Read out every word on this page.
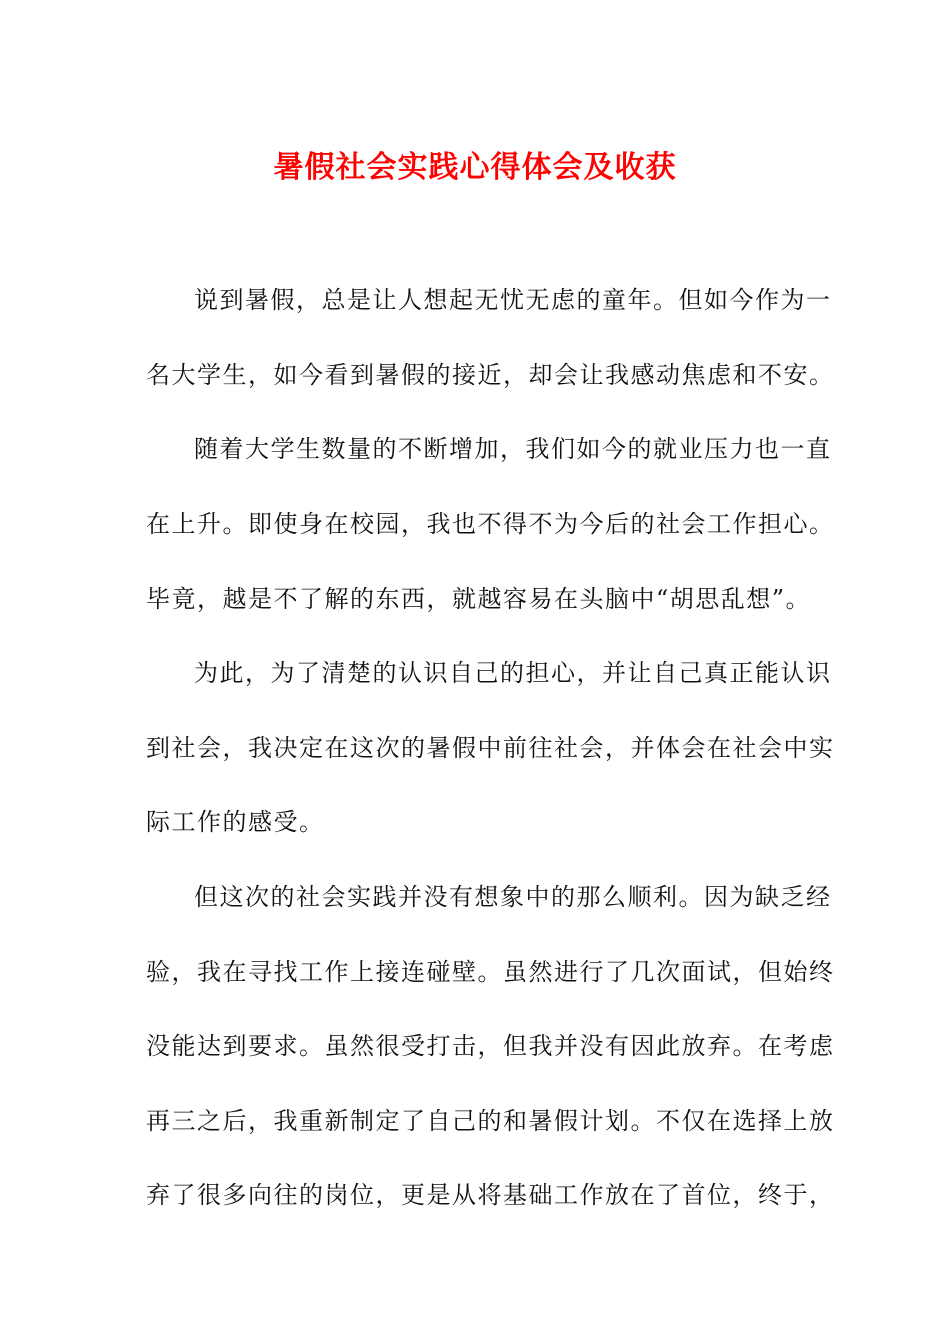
暑假社会实践心得体会及收获

说到暑假，总是让人想起无忧无虑的童年。但如今作为一

名大学生，如今看到暑假的接近，却会让我感动焦虑和不安。

随着大学生数量的不断增加，我们如今的就业压力也一直

在上升。即使身在校园，我也不得不为今后的社会工作担心。

毕竟，越是不了解的东西，就越容易在头脑中“胡思乱想”。

为此，为了清楚的认识自己的担心，并让自己真正能认识

到社会，我决定在这次的暑假中前往社会，并体会在社会中实

际工作的感受。

但这次的社会实践并没有想象中的那么顺利。因为缺乏经

验，我在寻找工作上接连碰壁。虽然进行了几次面试，但始终

没能达到要求。虽然很受打击，但我并没有因此放弃。在考虑

再三之后，我重新制定了自己的和暑假计划。不仅在选择上放

弃了很多向往的岗位，更是从将基础工作放在了首位，终于，
